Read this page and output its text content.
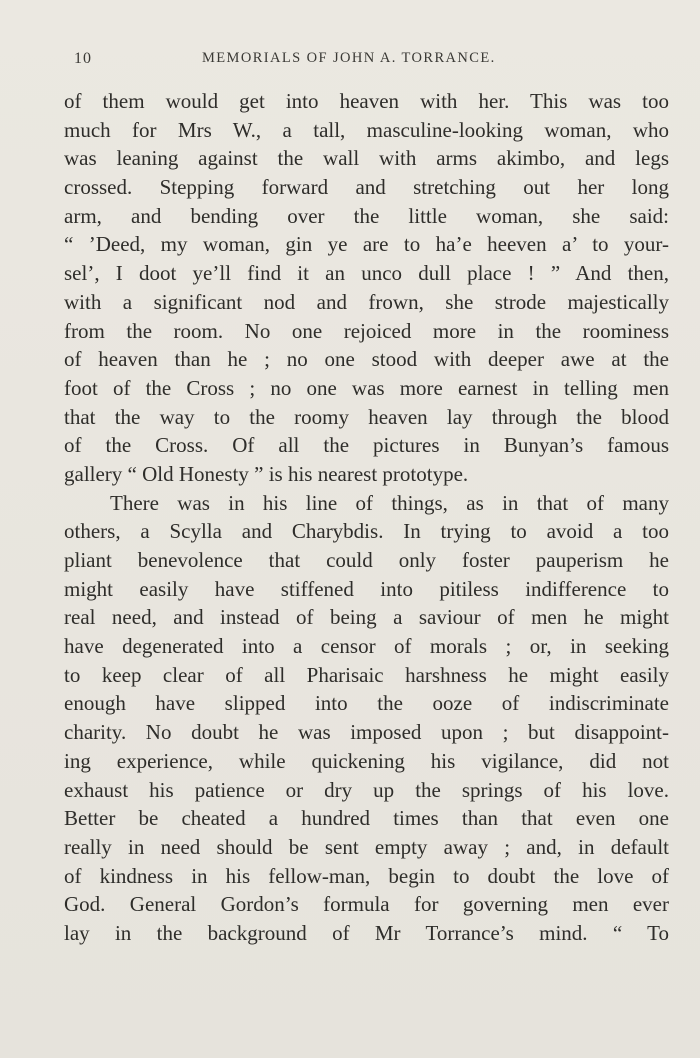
10	MEMORIALS OF JOHN A. TORRANCE.
of them would get into heaven with her. This was too
much for Mrs W., a tall, masculine-looking woman, who
was leaning against the wall with arms akimbo, and legs
crossed. Stepping forward and stretching out her long
arm, and bending over the little woman, she said:
“ ’Deed, my woman, gin ye are to ha’e heeven a’ to your-
sel’, I doot ye’ll find it an unco dull place ! ” And then,
with a significant nod and frown, she strode majestically
from the room. No one rejoiced more in the roominess
of heaven than he ; no one stood with deeper awe at the
foot of the Cross ; no one was more earnest in telling men
that the way to the roomy heaven lay through the blood
of the Cross. Of all the pictures in Bunyan’s famous
gallery “ Old Honesty ” is his nearest prototype.
There was in his line of things, as in that of many
others, a Scylla and Charybdis. In trying to avoid a too
pliant benevolence that could only foster pauperism he
might easily have stiffened into pitiless indifference to
real need, and instead of being a saviour of men he might
have degenerated into a censor of morals ; or, in seeking
to keep clear of all Pharisaic harshness he might easily
enough have slipped into the ooze of indiscriminate
charity. No doubt he was imposed upon ; but disappoint-
ing experience, while quickening his vigilance, did not
exhaust his patience or dry up the springs of his love.
Better be cheated a hundred times than that even one
really in need should be sent empty away ; and, in default
of kindness in his fellow-man, begin to doubt the love of
God. General Gordon’s formula for governing men ever
lay in the background of Mr Torrance’s mind. “ To
